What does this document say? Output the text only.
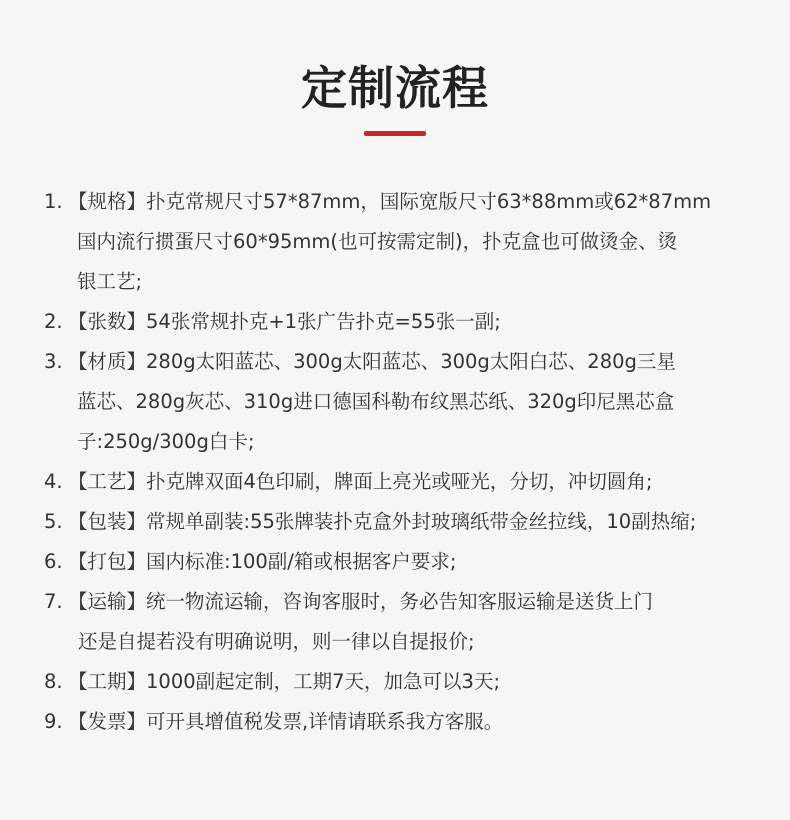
定制流程
1. 【规格】扑克常规尺寸57*87mm，国际宽版尺寸63*88mm或62*87mm
国内流行掼蛋尺寸60*95mm(也可按需定制)，扑克盒也可做烫金、烫
银工艺;
2. 【张数】54张常规扑克+1张广告扑克=55张一副;
3. 【材质】280g太阳蓝芯、300g太阳蓝芯、300g太阳白芯、280g三星
蓝芯、280g灰芯、310g进口德国科勒布纹黑芯纸、320g印尼黑芯盒
子:250g/300g白卡;
4. 【工艺】扑克牌双面4色印刷，牌面上亮光或哑光，分切，冲切圆角;
5. 【包装】常规单副装:55张牌装扑克盒外封玻璃纸带金丝拉线，10副热缩;
6. 【打包】国内标准:100副/箱或根据客户要求;
7. 【运输】统一物流运输，咨询客服时，务必告知客服运输是送货上门
还是自提若没有明确说明，则一律以自提报价;
8. 【工期】1000副起定制，工期7天，加急可以3天;
9. 【发票】可开具增值税发票,详情请联系我方客服。
